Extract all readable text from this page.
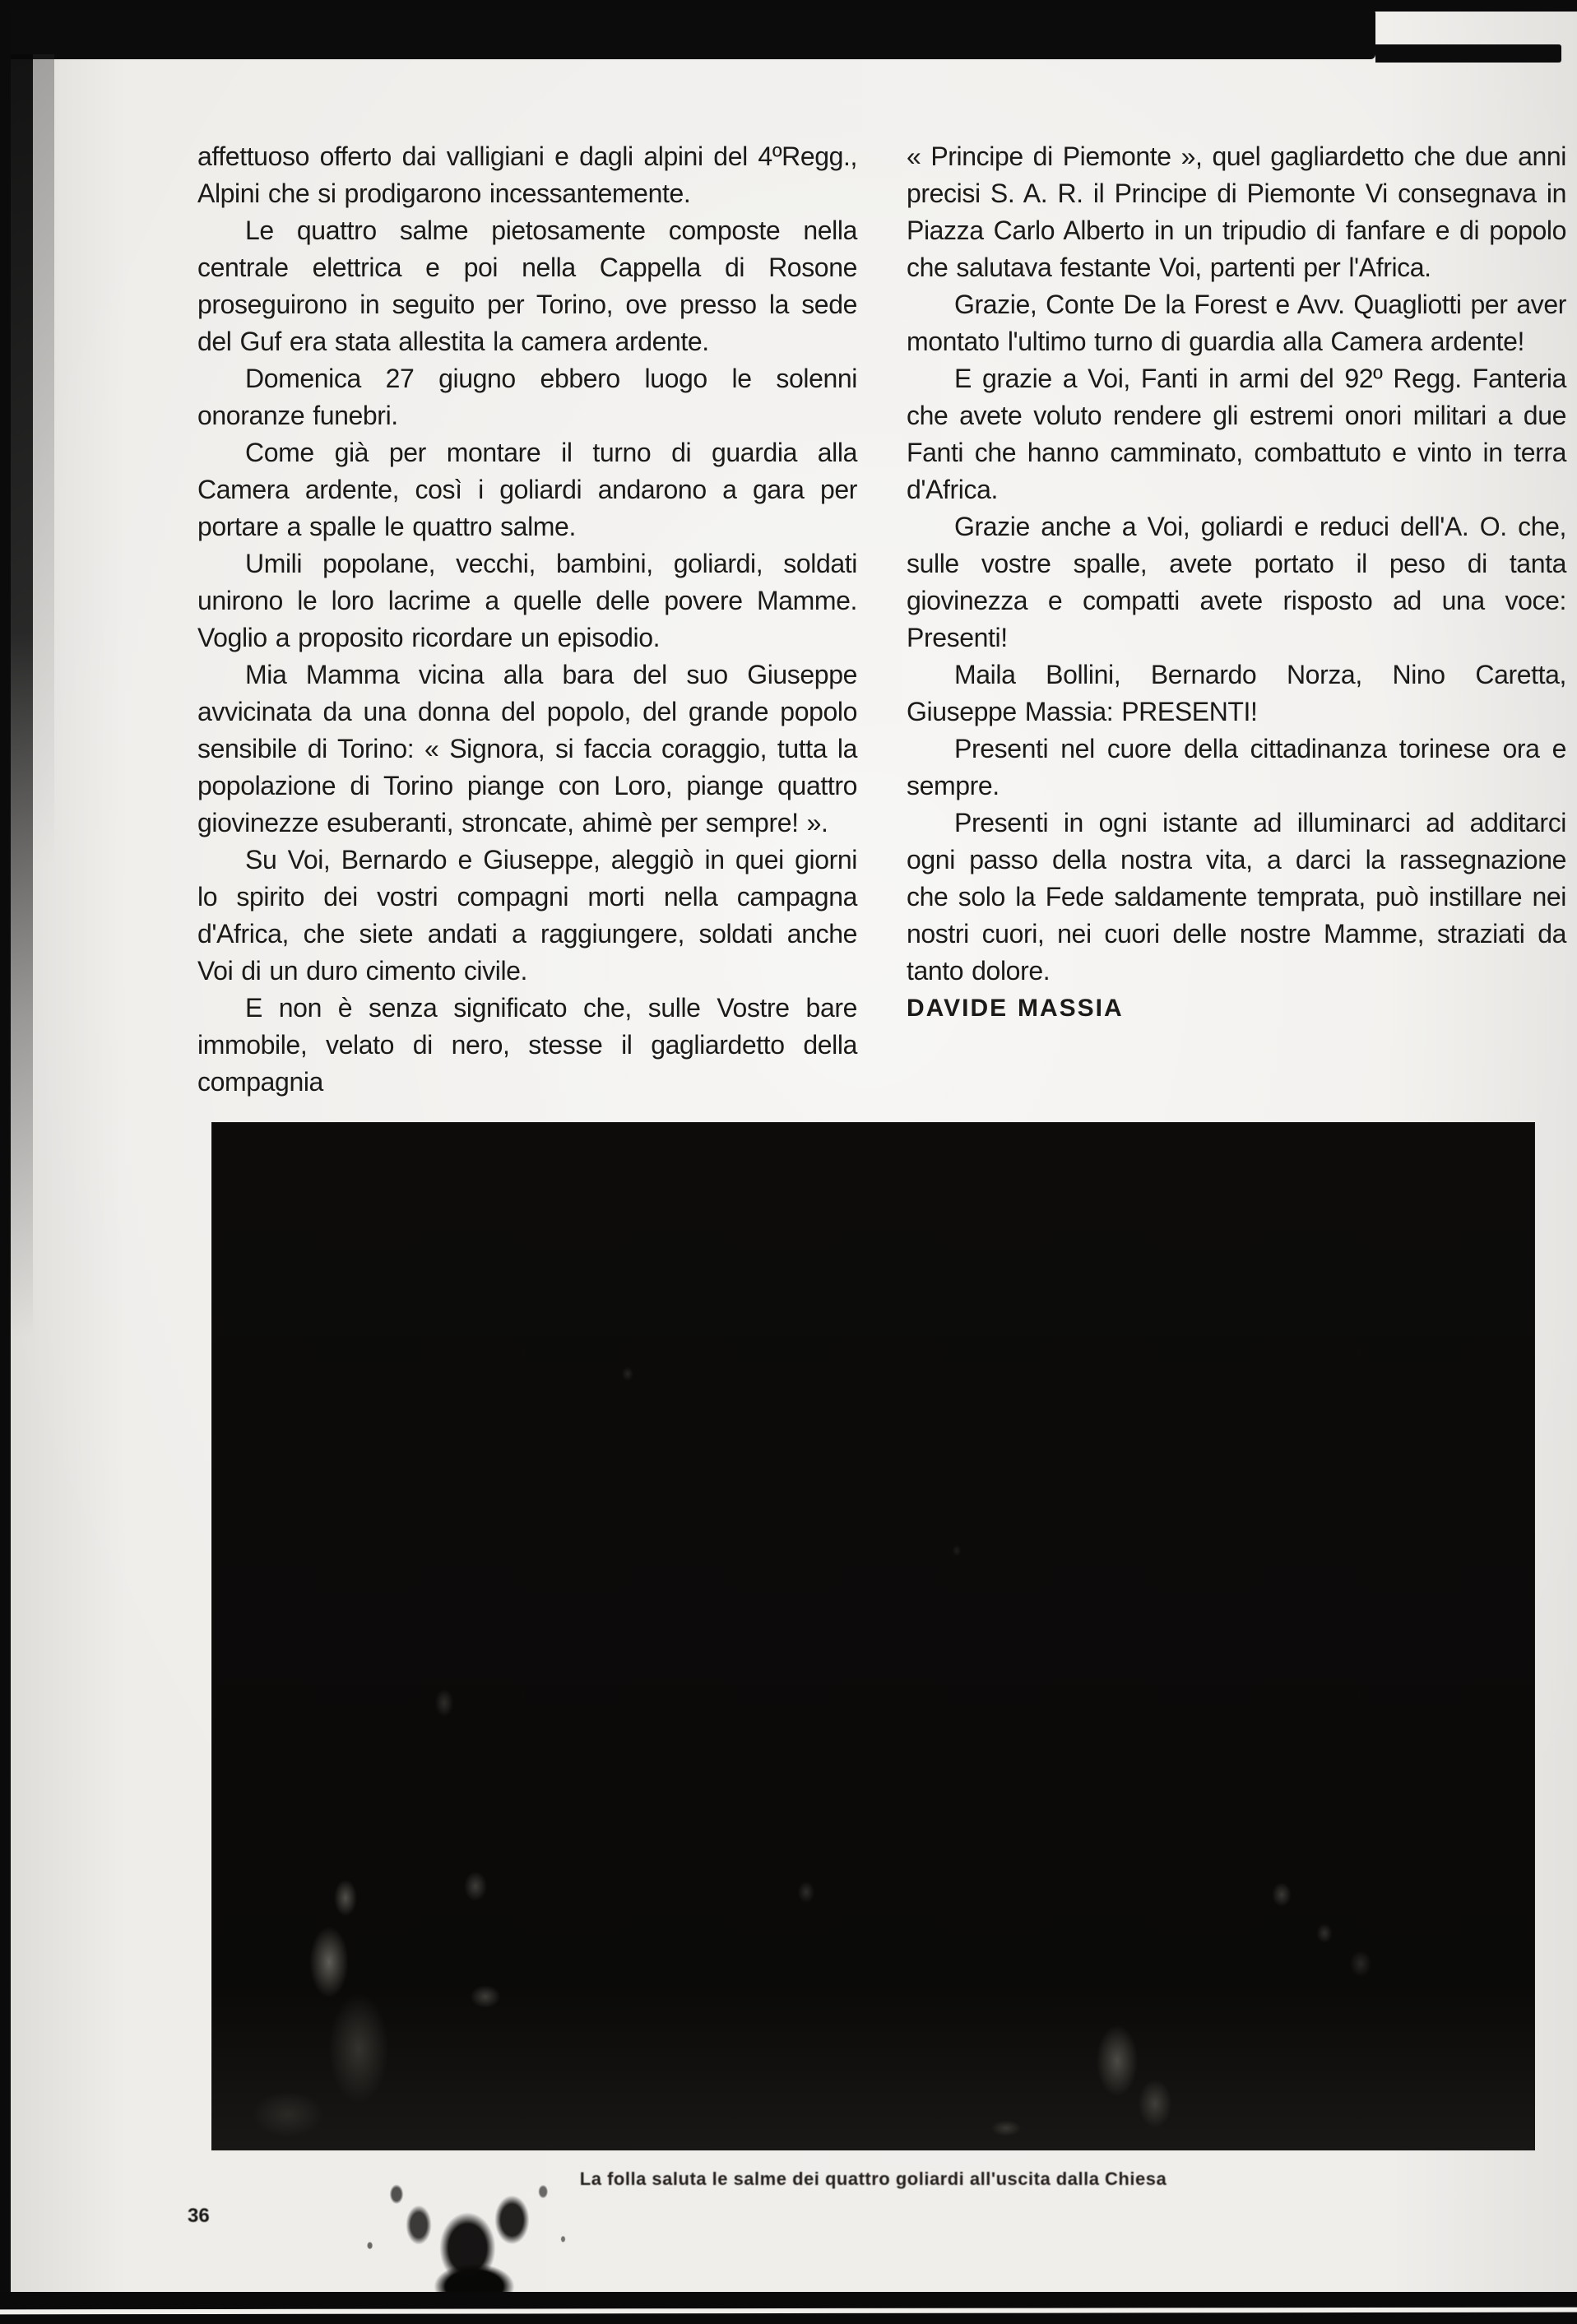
affettuoso offerto dai valligiani e dagli alpini del 4ºRegg., Alpini che si prodigarono incessantemente.

Le quattro salme pietosamente composte nella centrale elettrica e poi nella Cappella di Rosone proseguirono in seguito per Torino, ove presso la sede del Guf era stata allestita la camera ardente.

Domenica 27 giugno ebbero luogo le solenni onoranze funebri.

Come già per montare il turno di guardia alla Camera ardente, così i goliardi andarono a gara per portare a spalle le quattro salme.

Umili popolane, vecchi, bambini, goliardi, soldati unirono le loro lacrime a quelle delle povere Mamme. Voglio a proposito ricordare un episodio.

Mia Mamma vicina alla bara del suo Giuseppe avvicinata da una donna del popolo, del grande popolo sensibile di Torino: « Signora, si faccia coraggio, tutta la popolazione di Torino piange con Loro, piange quattro giovinezze esuberanti, stroncate, ahimè per sempre! ».

Su Voi, Bernardo e Giuseppe, aleggiò in quei giorni lo spirito dei vostri compagni morti nella campagna d'Africa, che siete andati a raggiungere, soldati anche Voi di un duro cimento civile.

E non è senza significato che, sulle Vostre bare immobile, velato di nero, stesse il gagliardetto della compagnia

« Principe di Piemonte », quel gagliardetto che due anni precisi S. A. R. il Principe di Piemonte Vi consegnava in Piazza Carlo Alberto in un tripudio di fanfare e di popolo che salutava festante Voi, partenti per l'Africa.

Grazie, Conte De la Forest e Avv. Quagliotti per aver montato l'ultimo turno di guardia alla Camera ardente!

E grazie a Voi, Fanti in armi del 92º Regg. Fanteria che avete voluto rendere gli estremi onori militari a due Fanti che hanno camminato, combattuto e vinto in terra d'Africa.

Grazie anche a Voi, goliardi e reduci dell'A. O. che, sulle vostre spalle, avete portato il peso di tanta giovinezza e compatti avete risposto ad una voce: Presenti!

Maila Bollini, Bernardo Norza, Nino Caretta, Giuseppe Massia: PRESENTI!

Presenti nel cuore della cittadinanza torinese ora e sempre.

Presenti in ogni istante ad illuminarci ad additarci ogni passo della nostra vita, a darci la rassegnazione che solo la Fede saldamente temprata, può instillare nei nostri cuori, nei cuori delle nostre Mamme, straziati da tanto dolore.

DAVIDE MASSIA

La folla saluta le salme dei quattro goliardi all'uscita dalla Chiesa
36
